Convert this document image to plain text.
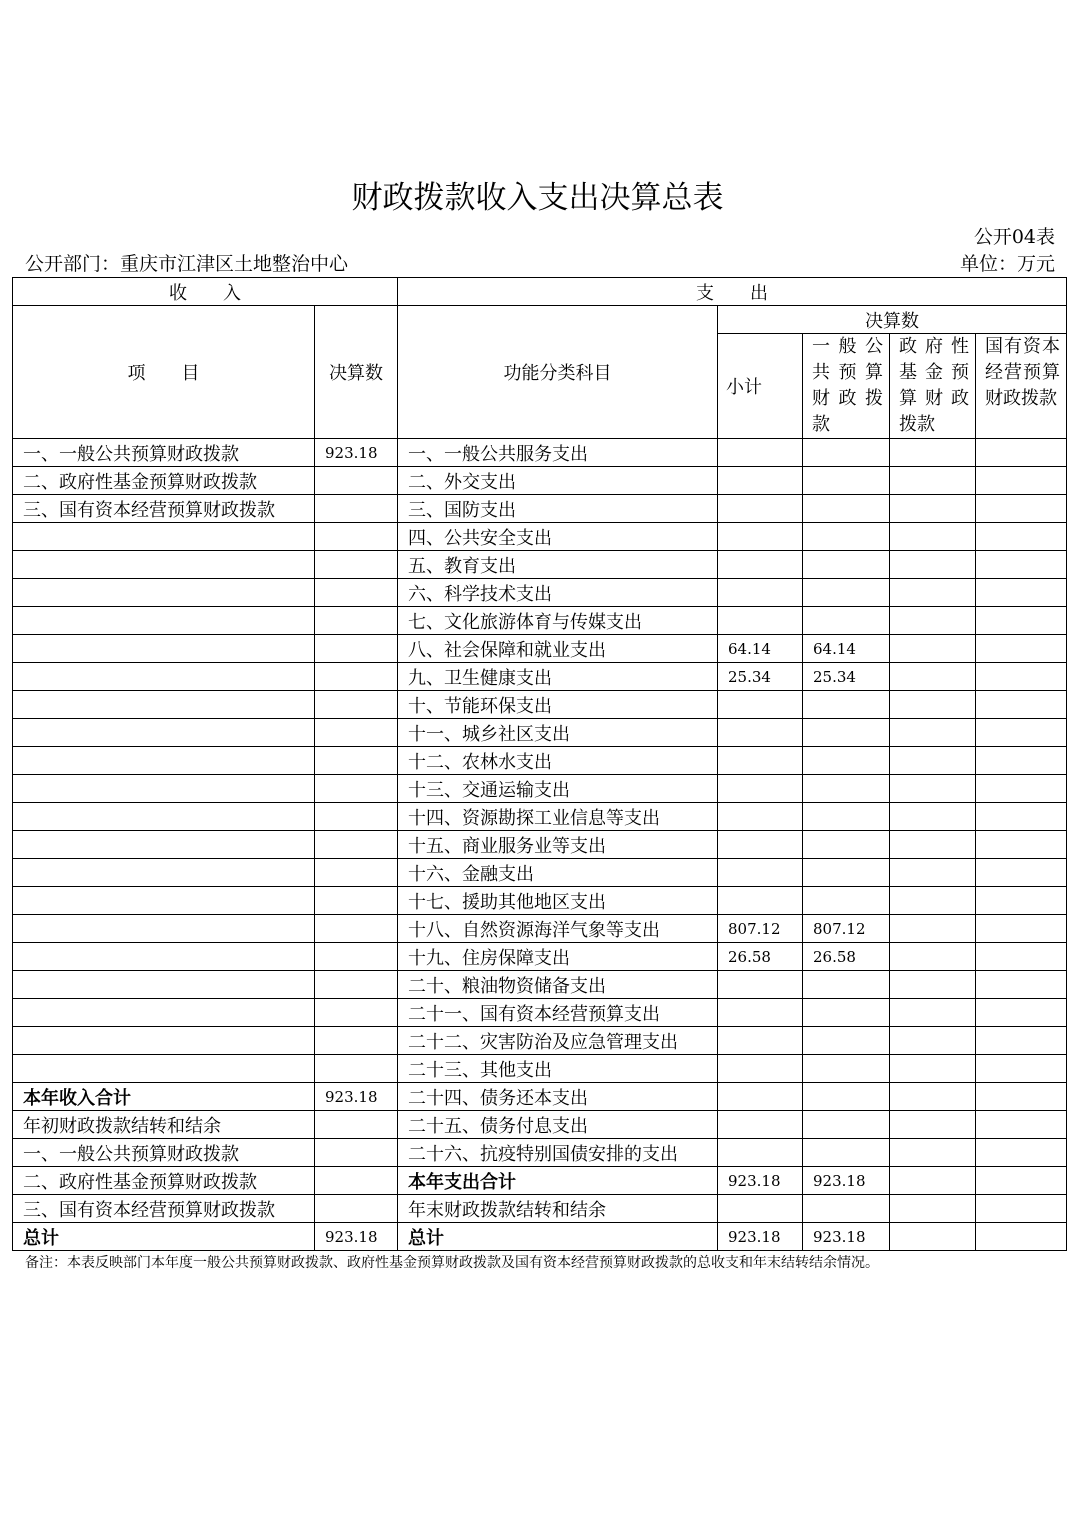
财政拨款收入支出决算总表
公开04表
公开部门：重庆市江津区土地整治中心	单位：万元
收　　入		支　　出				
项　　目	决算数	功能分类科目	决算数			
			小计	一般公共预算财政拨款	政府性基金预算财政拨款	国有资本经营预算财政拨款
一、一般公共预算财政拨款	923.18	一、一般公共服务支出				
二、政府性基金预算财政拨款		二、外交支出				
三、国有资本经营预算财政拨款		三、国防支出				
		四、公共安全支出				
		五、教育支出				
		六、科学技术支出				
		七、文化旅游体育与传媒支出				
		八、社会保障和就业支出	64.14	64.14		
		九、卫生健康支出	25.34	25.34		
		十、节能环保支出				
		十一、城乡社区支出				
		十二、农林水支出				
		十三、交通运输支出				
		十四、资源勘探工业信息等支出				
		十五、商业服务业等支出				
		十六、金融支出				
		十七、援助其他地区支出				
		十八、自然资源海洋气象等支出	807.12	807.12		
		十九、住房保障支出	26.58	26.58		
		二十、粮油物资储备支出				
		二十一、国有资本经营预算支出				
		二十二、灾害防治及应急管理支出				
		二十三、其他支出				
本年收入合计	923.18	二十四、债务还本支出				
年初财政拨款结转和结余		二十五、债务付息支出				
一、一般公共预算财政拨款		二十六、抗疫特别国债安排的支出				
二、政府性基金预算财政拨款		本年支出合计	923.18	923.18		
三、国有资本经营预算财政拨款		年末财政拨款结转和结余				
总计	923.18	总计	923.18	923.18		
备注：本表反映部门本年度一般公共预算财政拨款、政府性基金预算财政拨款及国有资本经营预算财政拨款的总收支和年末结转结余情况。
